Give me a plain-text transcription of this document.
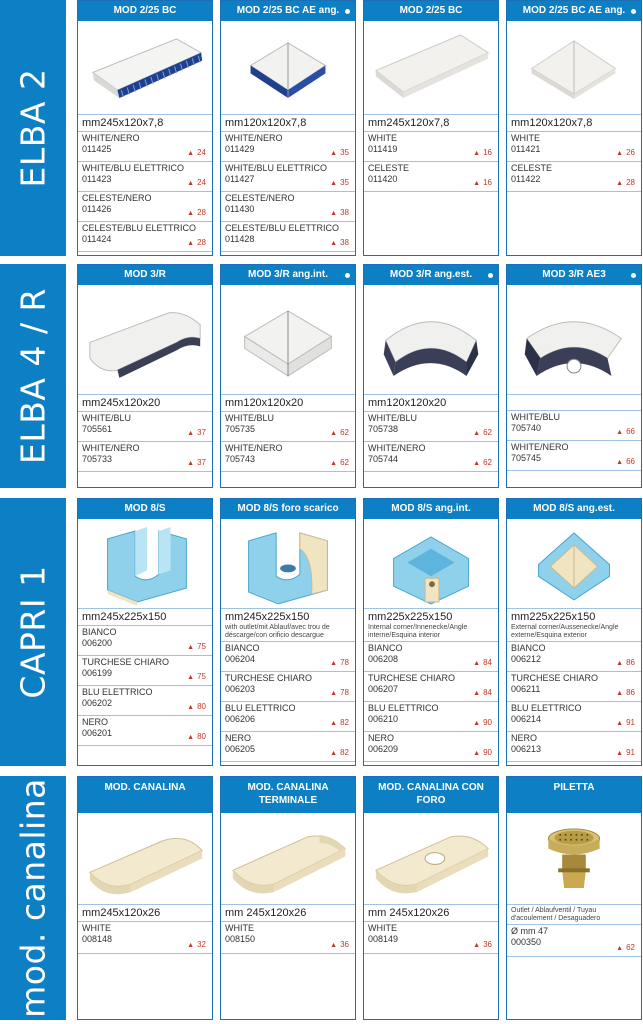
ELBA 2
MOD 2/25 BC
mm245x120x7,8
WHITE/NERO
011425	▲ 24
WHITE/BLU ELETTRICO
011423	▲ 24
CELESTE/NERO
011426	▲ 28
CELESTE/BLU ELETTRICO
011424	▲ 28
MOD 2/25 BC AE ang.
mm120x120x7,8
WHITE/NERO
011429	▲ 35
WHITE/BLU ELETTRICO
011427	▲ 35
CELESTE/NERO
011430	▲ 38
CELESTE/BLU ELETTRICO
011428	▲ 38
MOD 2/25 BC
mm245x120x7,8
WHITE
011419	▲ 16
CELESTE
011420	▲ 16
MOD 2/25 BC AE ang.
mm120x120x7,8
WHITE
011421	▲ 26
CELESTE
011422	▲ 28
ELBA 4 / R
MOD 3/R
mm245x120x20
WHITE/BLU
705561	▲ 37
WHITE/NERO
705733	▲ 37
MOD 3/R ang.int.
mm120x120x20
WHITE/BLU
705735	▲ 62
WHITE/NERO
705743	▲ 62
MOD 3/R ang.est.
mm120x120x20
WHITE/BLU
705738	▲ 62
WHITE/NERO
705744	▲ 62
MOD 3/R AE3
WHITE/BLU
705740	▲ 66
WHITE/NERO
705745	▲ 66
CAPRI 1
MOD 8/S
mm245x225x150
BIANCO
006200	▲ 75
TURCHESE CHIARO
006199	▲ 75
BLU ELETTRICO
006202	▲ 80
NERO
006201	▲ 80
MOD 8/S foro scarico
mm245x225x150
with outlet/mit Ablauf/avec trou de déscarge/con orificio descargue
BIANCO
006204	▲ 78
TURCHESE CHIARO
006203	▲ 78
BLU ELETTRICO
006206	▲ 82
NERO
006205	▲ 82
MOD 8/S ang.int.
mm225x225x150
Internal corner/Innenecke/Angle interne/Esquina interior
BIANCO
006208	▲ 84
TURCHESE CHIARO
006207	▲ 84
BLU ELETTRICO
006210	▲ 90
NERO
006209	▲ 90
MOD 8/S ang.est.
mm225x225x150
External corner/Aussenecke/Angle externe/Esquina exterior
BIANCO
006212	▲ 86
TURCHESE CHIARO
006211	▲ 86
BLU ELETTRICO
006214	▲ 91
NERO
006213	▲ 91
mod. canalina	MOD. CANALINA
mm245x120x26
WHITE
008148
▲ 32
MOD. CANALINA TERMINALE
mm 245x120x26
WHITE
008150
▲ 36
MOD. CANALINA CON FORO
mm 245x120x26
WHITE
008149
▲ 36
PILETTA
Outlet / Ablaufventil / Tuyau d'acoulement / Desaguadero
Ø mm 47
000350
▲ 62
